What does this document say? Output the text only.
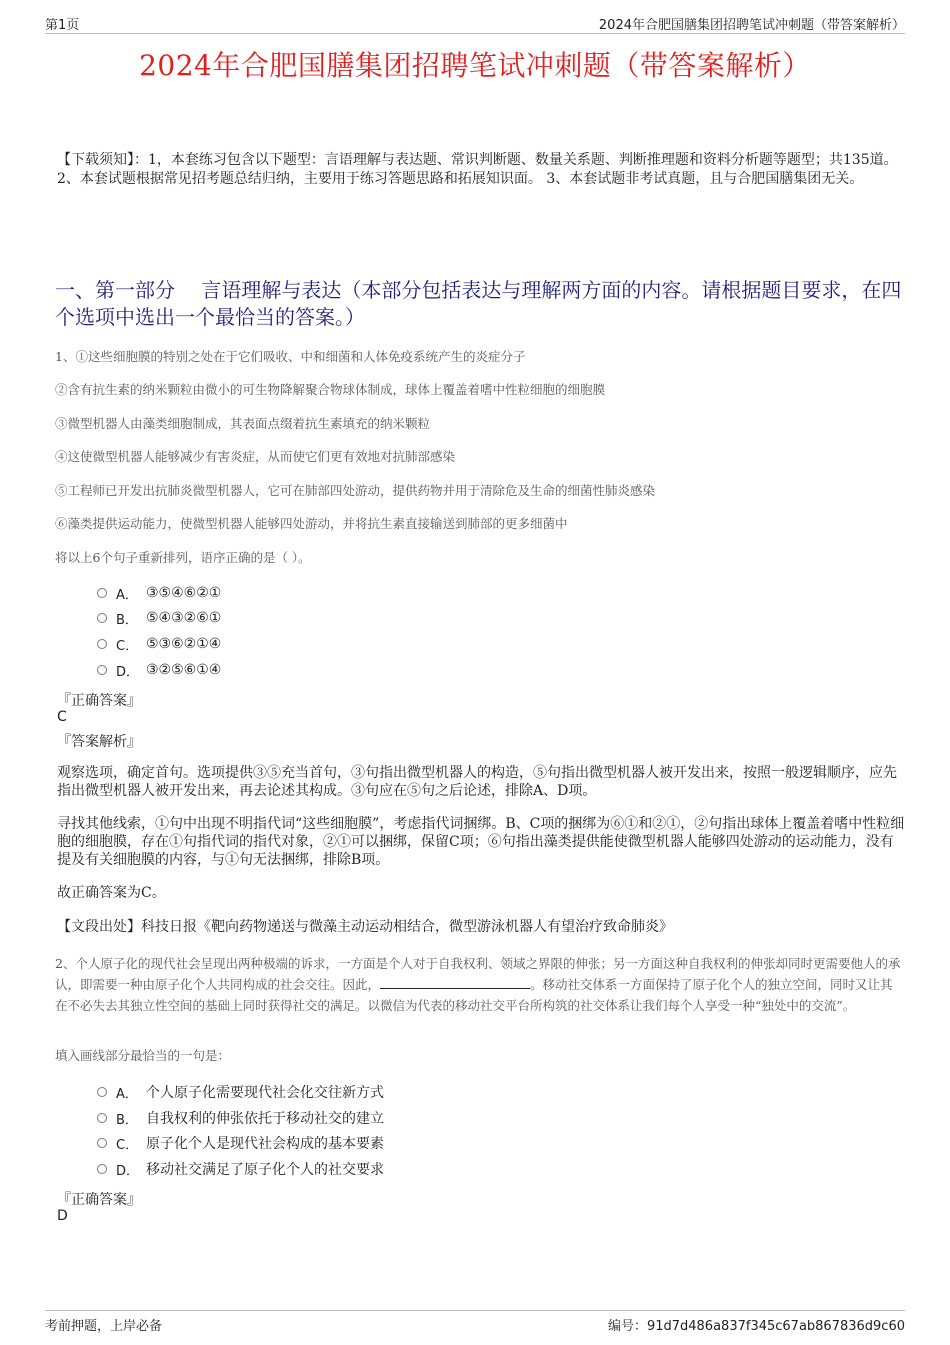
第1页	2024年合肥国膳集团招聘笔试冲刺题（带答案解析）
2024年合肥国膳集团招聘笔试冲刺题（带答案解析）
【下载须知】：1，本套练习包含以下题型：言语理解与表达题、常识判断题、数量关系题、判断推理题和资料分析题等题型；共135道。 2、本套试题根据常见招考题总结归纳，主要用于练习答题思路和拓展知识面。 3、本套试题非考试真题，且与合肥国膳集团无关。
一、第一部分　 言语理解与表达（本部分包括表达与理解两方面的内容。请根据题目要求，在四个选项中选出一个最恰当的答案。）
1、①这些细胞膜的特别之处在于它们吸收、中和细菌和人体免疫系统产生的炎症分子
②含有抗生素的纳米颗粒由微小的可生物降解聚合物球体制成，球体上覆盖着嗜中性粒细胞的细胞膜
③微型机器人由藻类细胞制成，其表面点缀着抗生素填充的纳米颗粒
④这使微型机器人能够减少有害炎症，从而使它们更有效地对抗肺部感染
⑤工程师已开发出抗肺炎微型机器人，它可在肺部四处游动，提供药物并用于清除危及生命的细菌性肺炎感染
⑥藻类提供运动能力，使微型机器人能够四处游动，并将抗生素直接输送到肺部的更多细菌中
将以上6个句子重新排列，语序正确的是（ ）。
A． ③⑤④⑥②①
B． ⑤④③②⑥①
C． ⑤③⑥②①④
D． ③②⑤⑥①④
『正确答案』
C
『答案解析』
观察选项，确定首句。选项提供③⑤充当首句，③句指出微型机器人的构造，⑤句指出微型机器人被开发出来，按照一般逻辑顺序，应先指出微型机器人被开发出来，再去论述其构成。③句应在⑤句之后论述，排除A、D项。
寻找其他线索，①句中出现不明指代词“这些细胞膜”，考虑指代词捆绑。B、C项的捆绑为⑥①和②①，②句指出球体上覆盖着嗜中性粒细胞的细胞膜，存在①句指代词的指代对象，②①可以捆绑，保留C项；⑥句指出藻类提供能使微型机器人能够四处游动的运动能力，没有提及有关细胞膜的内容，与①句无法捆绑，排除B项。
故正确答案为C。
【文段出处】科技日报《靶向药物递送与微藻主动运动相结合，微型游泳机器人有望治疗致命肺炎》
2、个人原子化的现代社会呈现出两种极端的诉求，一方面是个人对于自我权利、领域之界限的伸张；另一方面这种自我权利的伸张却同时更需要他人的承认，即需要一种由原子化个人共同构成的社会交往。因此，	。移动社交体系一方面保持了原子化个人的独立空间，同时又让其在不必失去其独立性空间的基础上同时获得社交的满足。以微信为代表的移动社交平台所构筑的社交体系让我们每个人享受一种“独处中的交流”。
填入画线部分最恰当的一句是：
A． 个人原子化需要现代社会化交往新方式
B． 自我权利的伸张依托于移动社交的建立
C． 原子化个人是现代社会构成的基本要素
D． 移动社交满足了原子化个人的社交要求
『正确答案』
D
考前押题，上岸必备	编号：91d7d486a837f345c67ab867836d9c60
